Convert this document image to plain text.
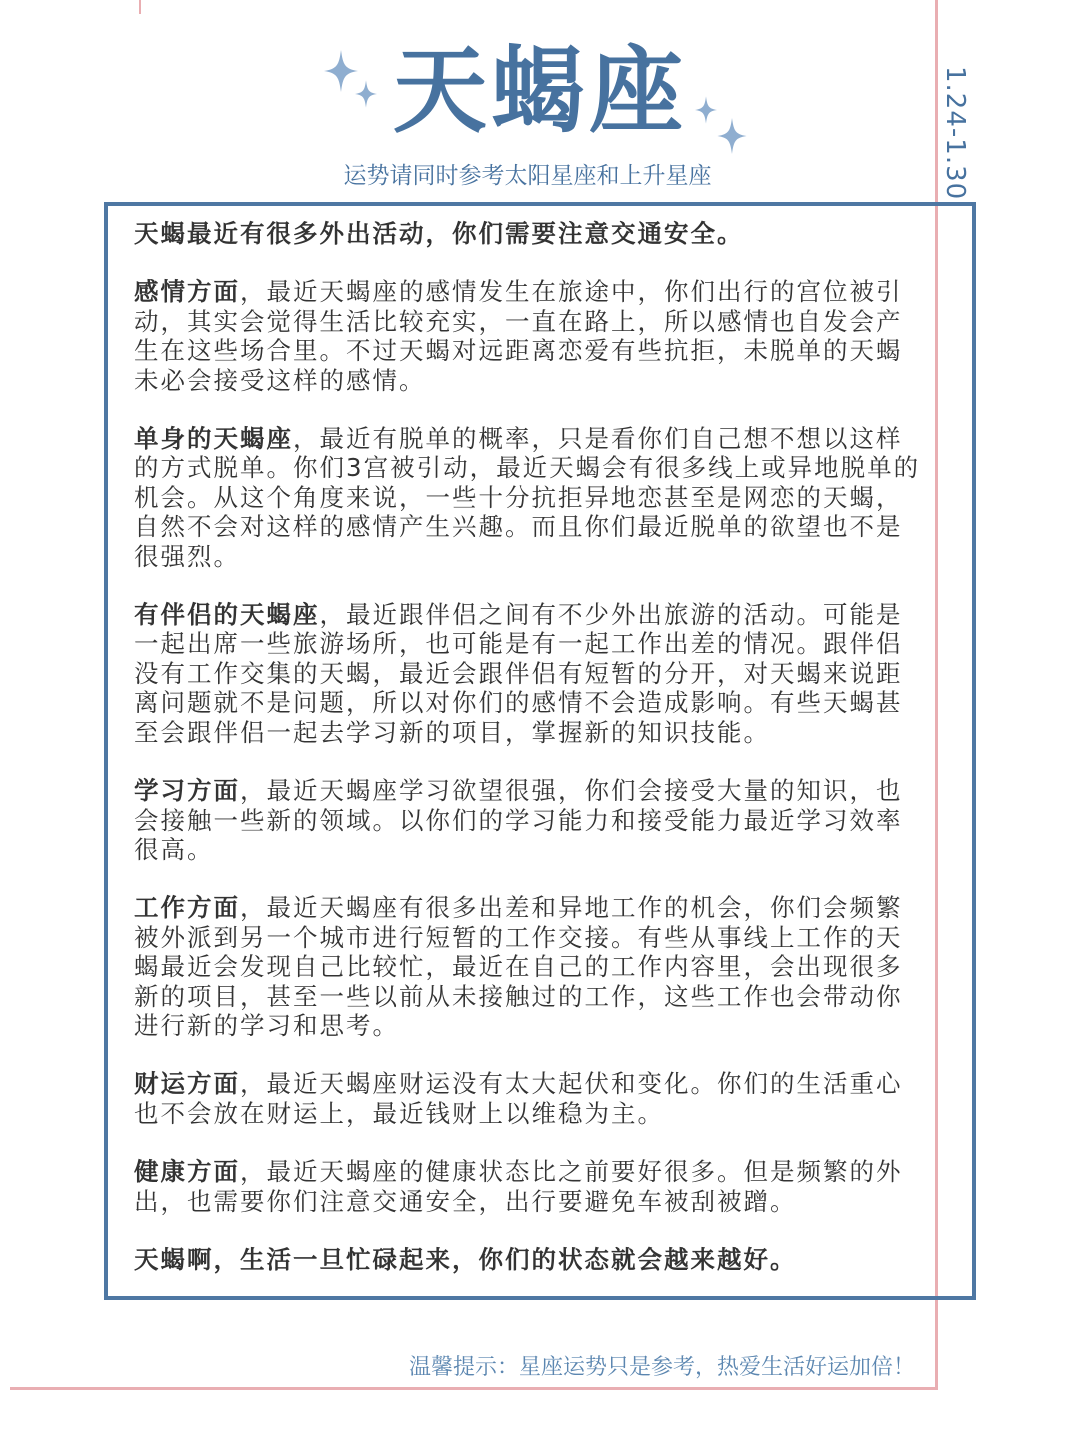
天蝎座
运势请同时参考太阳星座和上升星座	1.24-1.30

天蝎最近有很多外出活动，你们需要注意交通安全。

感情方面，最近天蝎座的感情发生在旅途中，你们出行的宫位被引动，其实会觉得生活比较充实，一直在路上，所以感情也自发会产生在这些场合里。不过天蝎对远距离恋爱有些抗拒，未脱单的天蝎未必会接受这样的感情。

单身的天蝎座，最近有脱单的概率，只是看你们自己想不想以这样的方式脱单。你们3宫被引动，最近天蝎会有很多线上或异地脱单的机会。从这个角度来说，一些十分抗拒异地恋甚至是网恋的天蝎，自然不会对这样的感情产生兴趣。而且你们最近脱单的欲望也不是很强烈。

有伴侣的天蝎座，最近跟伴侣之间有不少外出旅游的活动。可能是一起出席一些旅游场所，也可能是有一起工作出差的情况。跟伴侣没有工作交集的天蝎，最近会跟伴侣有短暂的分开，对天蝎来说距离问题就不是问题，所以对你们的感情不会造成影响。有些天蝎甚至会跟伴侣一起去学习新的项目，掌握新的知识技能。

学习方面，最近天蝎座学习欲望很强，你们会接受大量的知识，也会接触一些新的领域。以你们的学习能力和接受能力最近学习效率很高。

工作方面，最近天蝎座有很多出差和异地工作的机会，你们会频繁被外派到另一个城市进行短暂的工作交接。有些从事线上工作的天蝎最近会发现自己比较忙，最近在自己的工作内容里，会出现很多新的项目，甚至一些以前从未接触过的工作，这些工作也会带动你进行新的学习和思考。

财运方面，最近天蝎座财运没有太大起伏和变化。你们的生活重心也不会放在财运上，最近钱财上以维稳为主。

健康方面，最近天蝎座的健康状态比之前要好很多。但是频繁的外出，也需要你们注意交通安全，出行要避免车被刮被蹭。

天蝎啊，生活一旦忙碌起来，你们的状态就会越来越好。

温馨提示：星座运势只是参考，热爱生活好运加倍！
